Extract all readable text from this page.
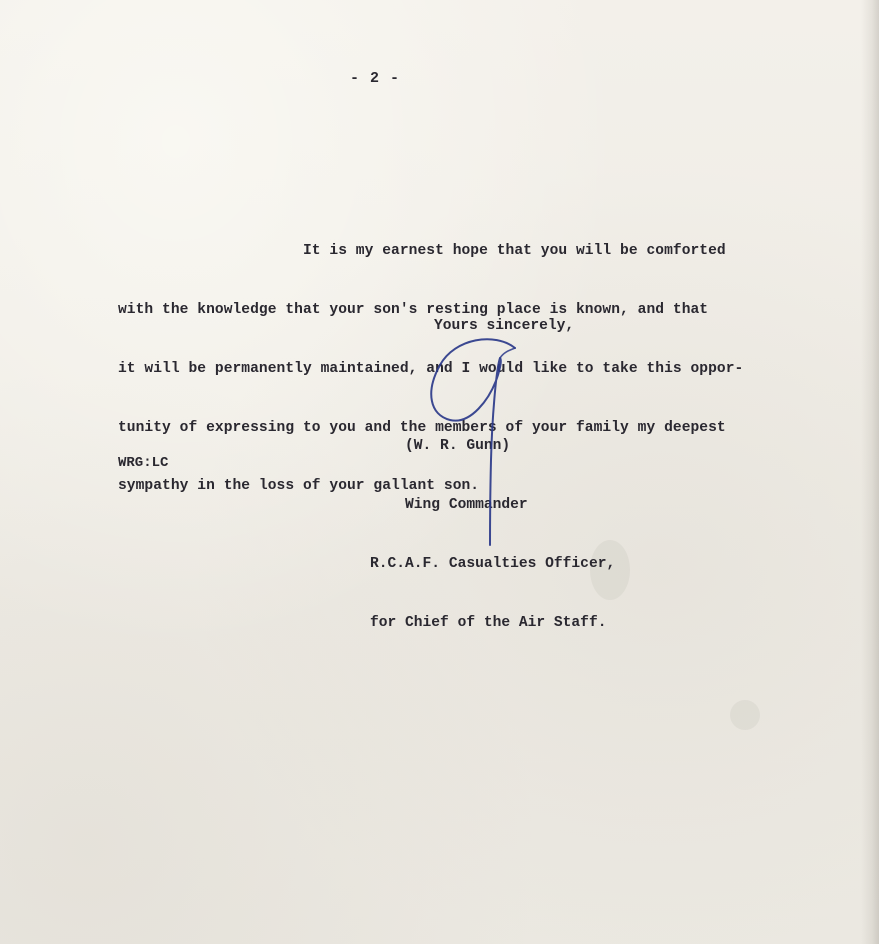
- 2 -

It is my earnest hope that you will be comforted

with the knowledge that your son's resting place is known, and that

it will be permanently maintained, and I would like to take this oppor-

tunity of expressing to you and the members of your family my deepest

sympathy in the loss of your gallant son.

Yours sincerely,

(W. R. Gunn)

Wing Commander

R.C.A.F. Casualties Officer,

for Chief of the Air Staff.

WRG:LC
